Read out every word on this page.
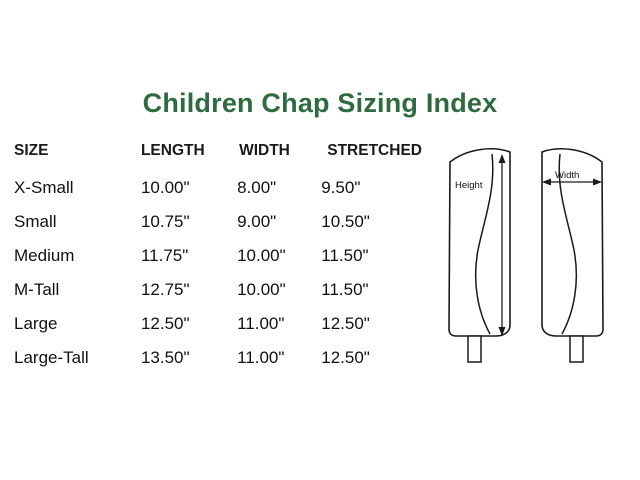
Children Chap Sizing Index
SIZE	LENGTH	WIDTH	STRETCHED
X-Small	10.00"	8.00"	9.50"
Small	10.75"	9.00"	10.50"
Medium	11.75"	10.00"	11.50"
M-Tall	12.75"	10.00"	11.50"
Large	12.50"	11.00"	12.50"
Large-Tall	13.50"	11.00"	12.50"
Height
Width
